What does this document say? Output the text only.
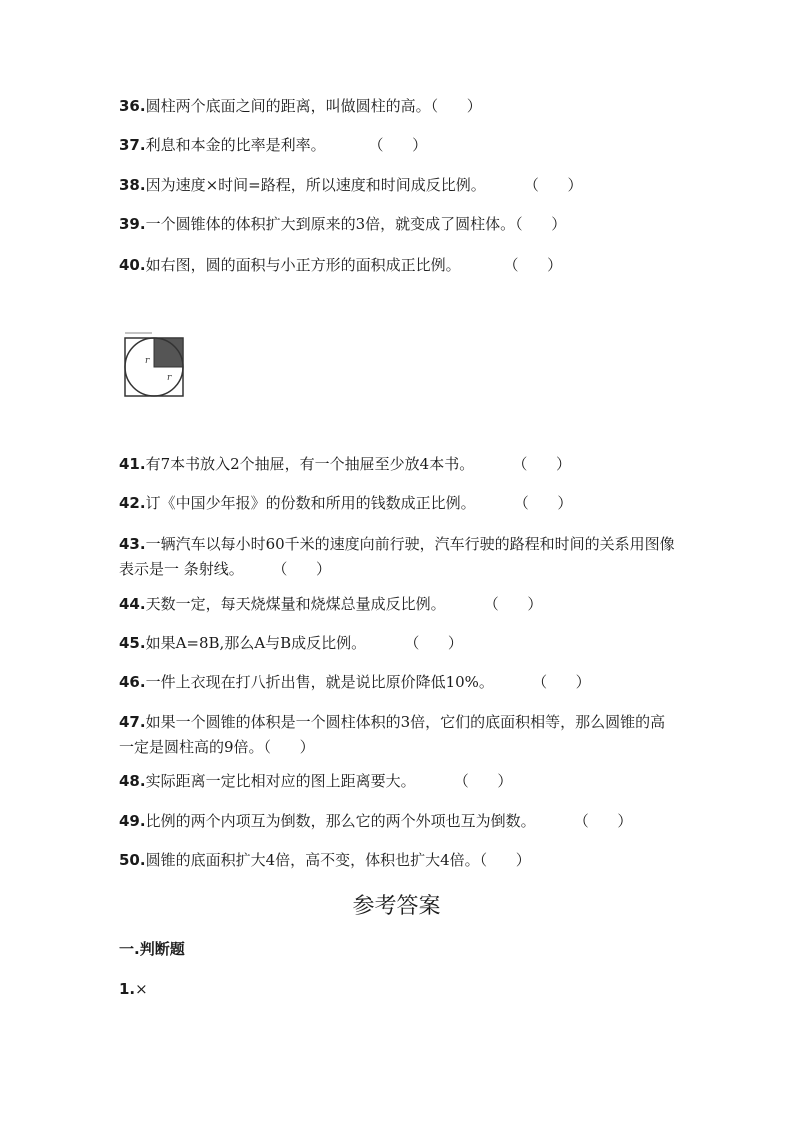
36.圆柱两个底面之间的距离，叫做圆柱的高。（      ）
37.利息和本金的比率是利率。         （      ）
38.因为速度×时间=路程，所以速度和时间成反比例。        （      ）
39.一个圆锥体的体积扩大到原来的3倍，就变成了圆柱体。（      ）
40.如右图，圆的面积与小正方形的面积成正比例。         （      ）
r
r
41.有7本书放入2个抽屉，有一个抽屉至少放4本书。        （      ）
42.订《中国少年报》的份数和所用的钱数成正比例。        （      ）
43.一辆汽车以每小时60千米的速度向前行驶，汽车行驶的路程和时间的关系用图像表示是一 条射线。      （      ）
44.天数一定，每天烧煤量和烧煤总量成反比例。        （      ）
45.如果A=8B,那么A与B成反比例。        （      ）
46.一件上衣现在打八折出售，就是说比原价降低10%。        （      ）
47.如果一个圆锥的体积是一个圆柱体积的3倍，它们的底面积相等，那么圆锥的高一定是圆柱高的9倍。（      ）
48.实际距离一定比相对应的图上距离要大。        （      ）
49.比例的两个内项互为倒数，那么它的两个外项也互为倒数。        （      ）
50.圆锥的底面积扩大4倍，高不变，体积也扩大4倍。（      ）
参考答案
一.判断题
1.×
